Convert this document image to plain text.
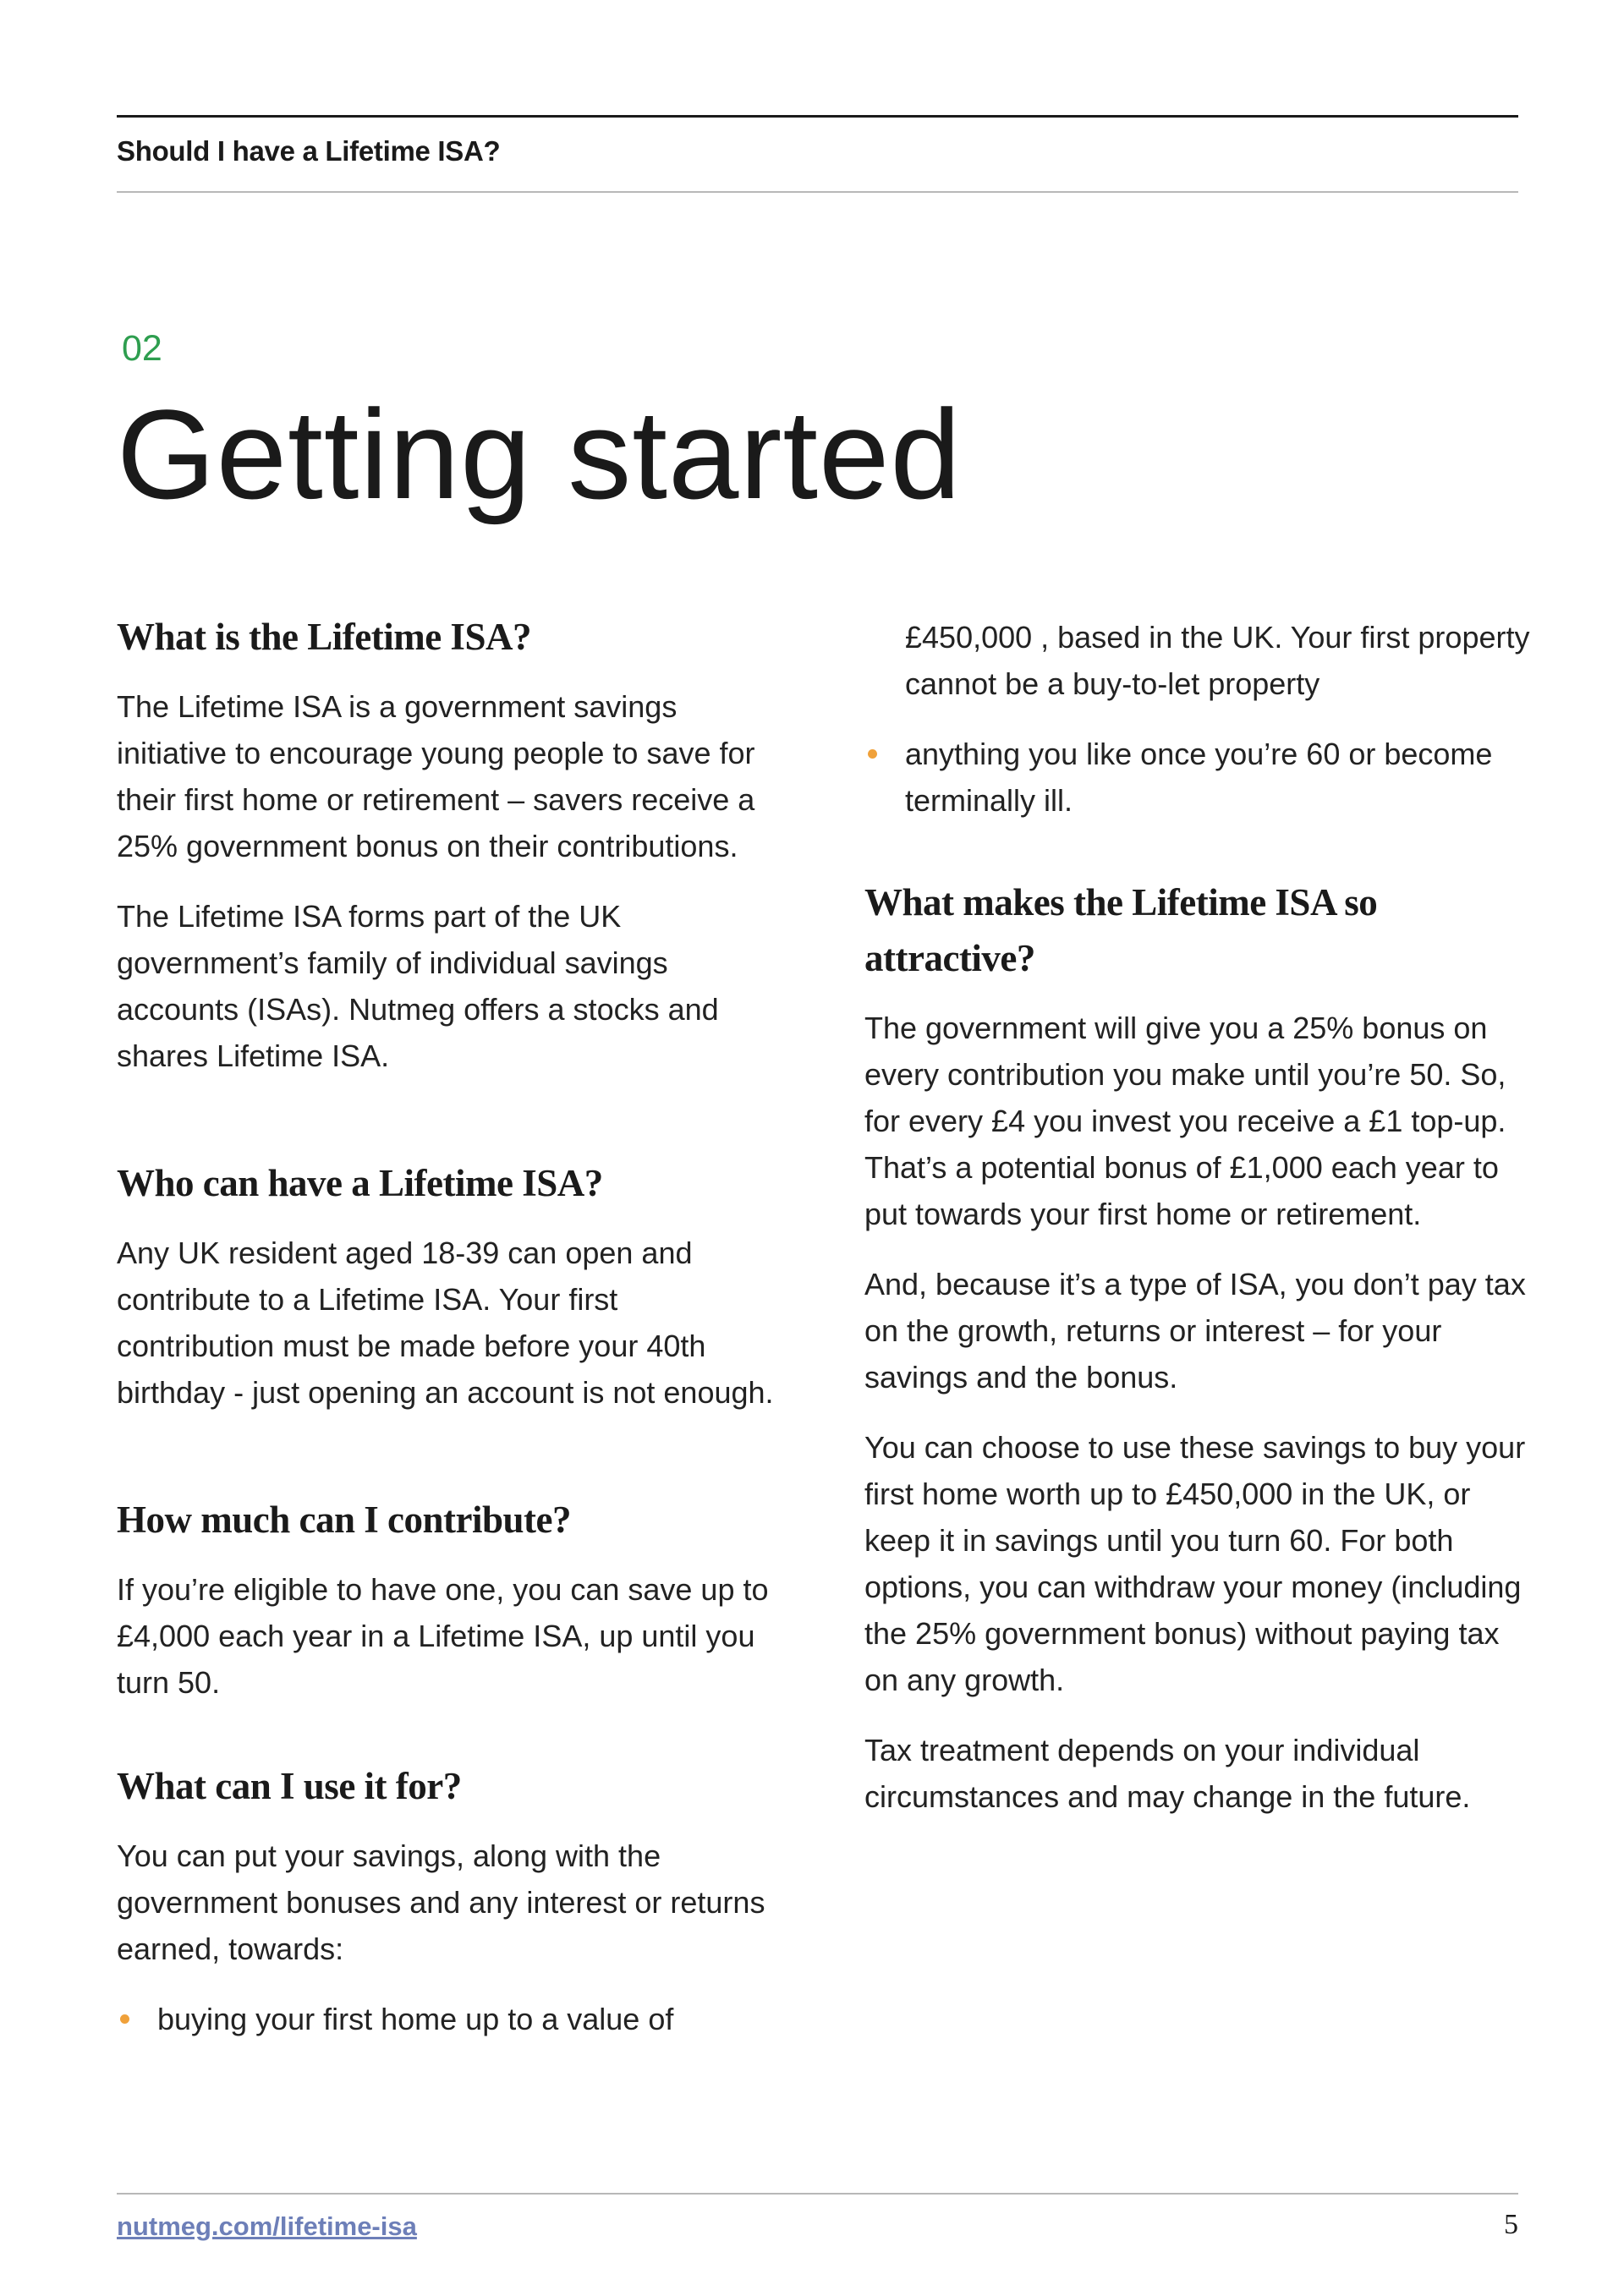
Should I have a Lifetime ISA?
02
Getting started
What is the Lifetime ISA?

The Lifetime ISA is a government savings initiative to encourage young people to save for their first home or retirement – savers receive a 25% government bonus on their contributions.

The Lifetime ISA forms part of the UK government’s family of individual savings accounts (ISAs). Nutmeg offers a stocks and shares Lifetime ISA.

Who can have a Lifetime ISA?

Any UK resident aged 18-39 can open and contribute to a Lifetime ISA. Your first contribution must be made before your 40th birthday - just opening an account is not enough.

How much can I contribute?

If you’re eligible to have one, you can save up to £4,000 each year in a Lifetime ISA, up until you turn 50.

What can I use it for?

You can put your savings, along with the government bonuses and any interest or returns earned, towards:

buying your first home up to a value of
£450,000 , based in the UK. Your first property cannot be a buy-to-let property
anything you like once you’re 60 or become terminally ill.
What makes the Lifetime ISA so attractive?

The government will give you a 25% bonus on every contribution you make until you’re 50. So, for every £4 you invest you receive a £1 top-up. That’s a potential bonus of £1,000 each year to put towards your first home or retirement.

And, because it’s a type of ISA, you don’t pay tax on the growth, returns or interest – for your savings and the bonus.

You can choose to use these savings to buy your first home worth up to £450,000 in the UK, or keep it in savings until you turn 60. For both options, you can withdraw your money (including the 25% government bonus) without paying tax on any growth.

Tax treatment depends on your individual circumstances and may change in the future.

nutmeg.com/lifetime-isa	5
